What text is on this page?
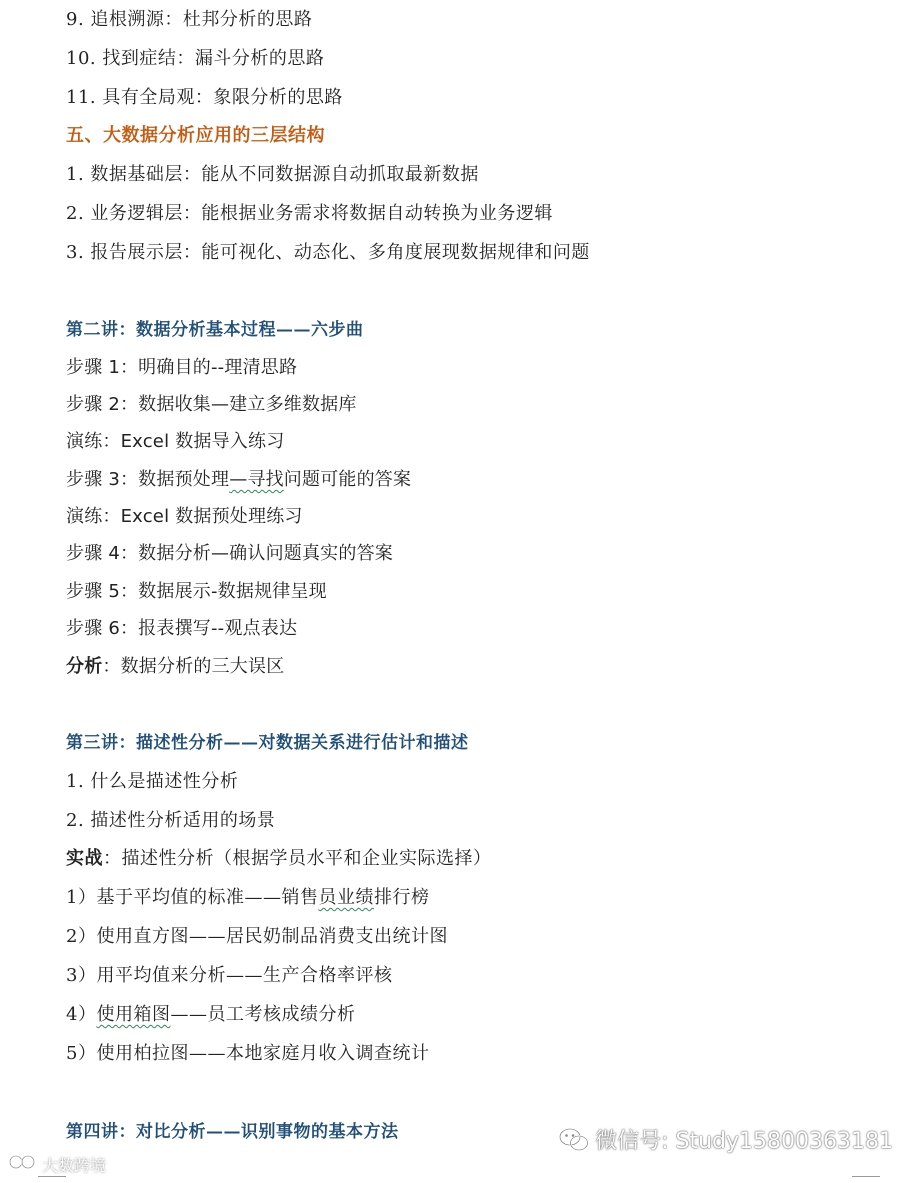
9. 追根溯源：杜邦分析的思路
10. 找到症结：漏斗分析的思路
11. 具有全局观：象限分析的思路
五、大数据分析应用的三层结构
1. 数据基础层：能从不同数据源自动抓取最新数据
2. 业务逻辑层：能根据业务需求将数据自动转换为业务逻辑
3. 报告展示层：能可视化、动态化、多角度展现数据规律和问题
第二讲：数据分析基本过程——六步曲
步骤 1：明确目的--理清思路
步骤 2：数据收集—建立多维数据库
演练：Excel 数据导入练习
步骤 3：数据预处理—寻找问题可能的答案
演练：Excel 数据预处理练习
步骤 4：数据分析—确认问题真实的答案
步骤 5：数据展示-数据规律呈现
步骤 6：报表撰写--观点表达
分析：数据分析的三大误区
第三讲：描述性分析——对数据关系进行估计和描述
1. 什么是描述性分析
2. 描述性分析适用的场景
实战：描述性分析（根据学员水平和企业实际选择）
1）基于平均值的标准——销售员业绩排行榜
2）使用直方图——居民奶制品消费支出统计图
3）用平均值来分析——生产合格率评核
4）使用箱图——员工考核成绩分析
5）使用柏拉图——本地家庭月收入调查统计
第四讲：对比分析——识别事物的基本方法	微信号: Study15800363181
大数跨境
